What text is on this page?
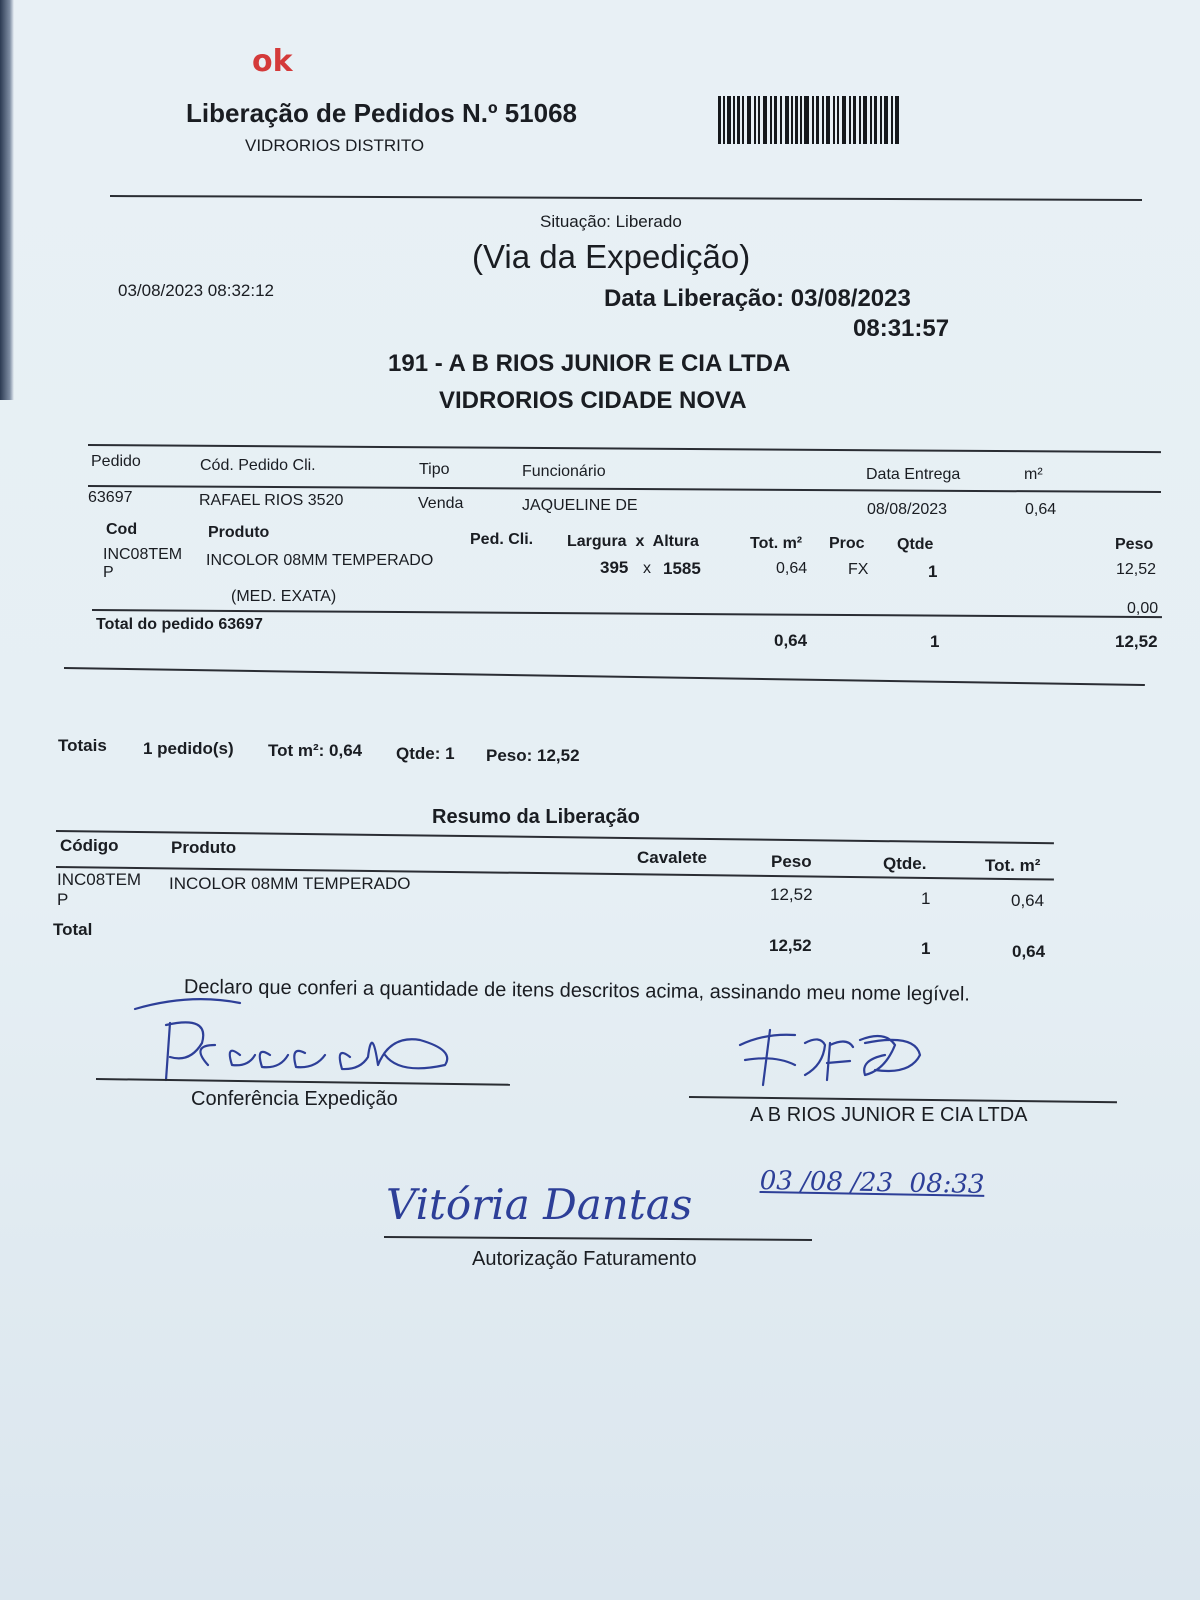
ok
Liberação de Pedidos N.º 51068
VIDRORIOS DISTRITO
Situação: Liberado
(Via da Expedição)
03/08/2023 08:32:12	Data Liberação: 03/08/2023
08:31:57
191 - A B RIOS JUNIOR E CIA LTDA
VIDRORIOS CIDADE NOVA
Pedido	Cód. Pedido Cli.	Tipo	Funcionário	Data Entrega	m²
63697	RAFAEL RIOS 3520	Venda	JAQUELINE DE	08/08/2023	0,64
Cod	Produto	Ped. Cli. Largura  x  Altura	Tot. m² Proc Qtde	Peso
INC08TEM
P
INCOLOR 08MM TEMPERADO	395 x 1585	0,64	FX	1	12,52
(MED. EXATA)
0,00
Total do pedido 63697
0,64	1	12,52
Totais 1 pedido(s) Tot m²: 0,64 Qtde: 1 Peso: 12,52
Resumo da Liberação
Código	Produto
Cavalete	Peso	Qtde.	Tot. m²
INC08TEM
P
INCOLOR 08MM TEMPERADO
12,52	1	0,64
Total
12,52	1	0,64
Declaro que conferi a quantidade de itens descritos acima, assinando meu nome legível.
Conferência Expedição
A B RIOS JUNIOR E CIA LTDA
03 /08 /23  08:33
Vitória Dantas
Autorização Faturamento
